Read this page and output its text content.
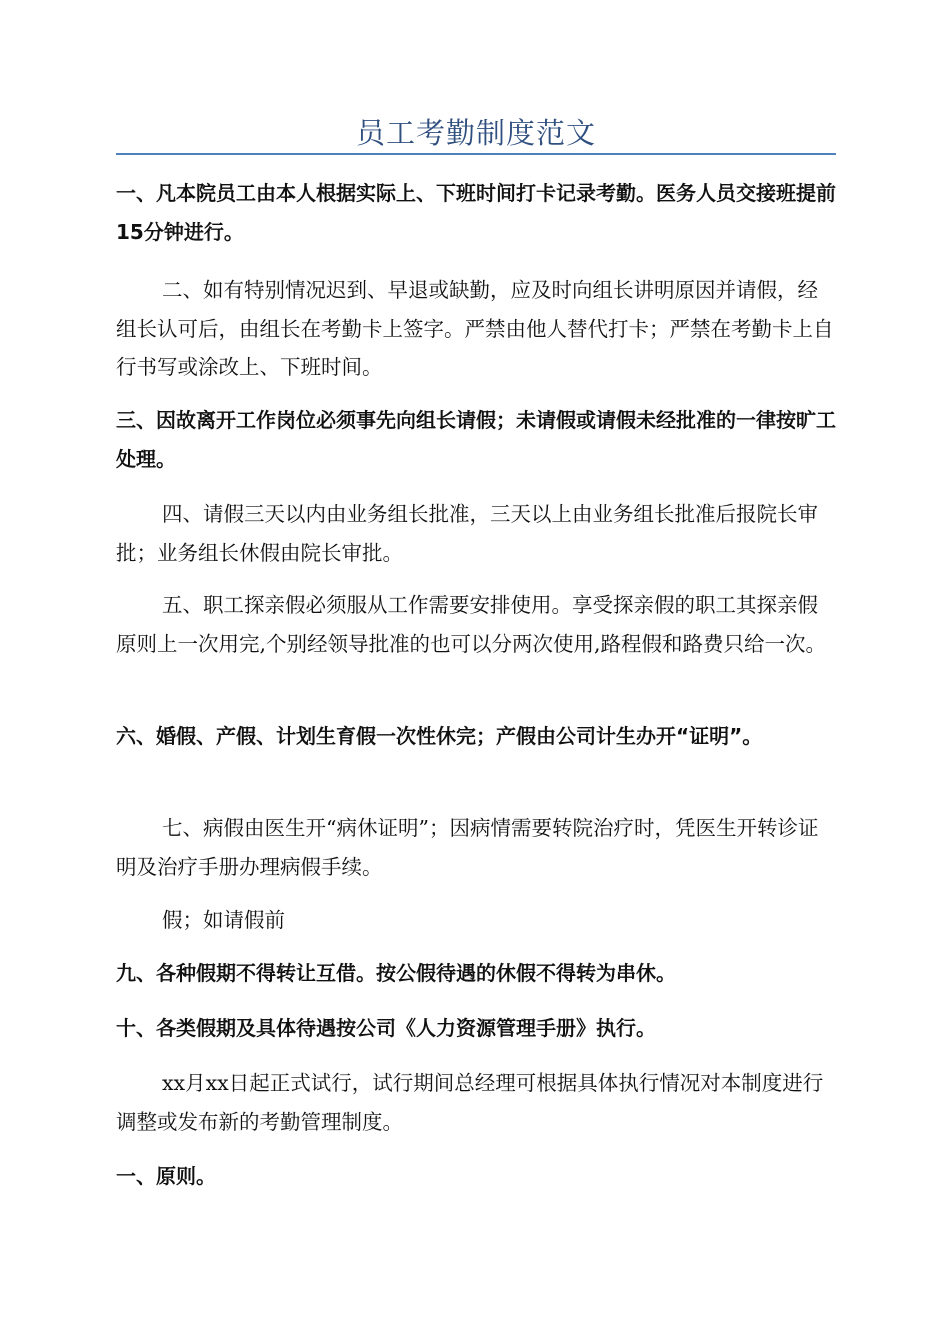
员工考勤制度范文

一、凡本院员工由本人根据实际上、下班时间打卡记录考勤。医务人员交接班提前15分钟进行。

二、如有特别情况迟到、早退或缺勤，应及时向组长讲明原因并请假，经组长认可后，由组长在考勤卡上签字。严禁由他人替代打卡；严禁在考勤卡上自行书写或涂改上、下班时间。

三、因故离开工作岗位必须事先向组长请假；未请假或请假未经批准的一律按旷工处理。

四、请假三天以内由业务组长批准，三天以上由业务组长批准后报院长审批；业务组长休假由院长审批。

五、职工探亲假必须服从工作需要安排使用。享受探亲假的职工其探亲假原则上一次用完,个别经领导批准的也可以分两次使用,路程假和路费只给一次。

六、婚假、产假、计划生育假一次性休完；产假由公司计生办开“证明”。

七、病假由医生开“病休证明”；因病情需要转院治疗时，凭医生开转诊证明及治疗手册办理病假手续。

假；如请假前

九、各种假期不得转让互借。按公假待遇的休假不得转为串休。

十、各类假期及具体待遇按公司《人力资源管理手册》执行。

xx月xx日起正式试行，试行期间总经理可根据具体执行情况对本制度进行调整或发布新的考勤管理制度。

一、原则。
